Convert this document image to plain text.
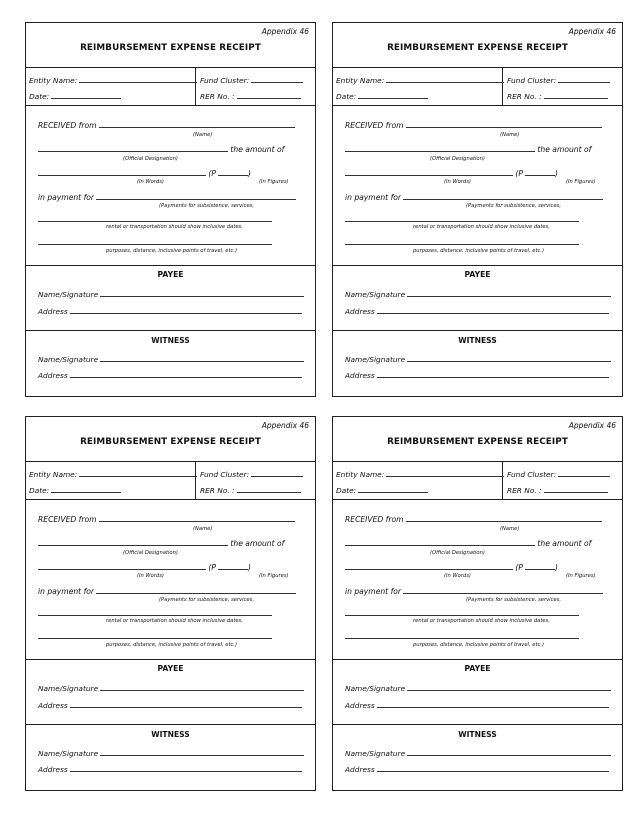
Appendix 46
REIMBURSEMENT EXPENSE RECEIPT
Entity Name:
Date:
Fund Cluster:
RER No. :
RECEIVED from
(Name)
the amount of
(Official Designation)
(P	)
(In Words)	(In Figures)
in payment for
(Payments for subsistence, services,
rental or transportation should show inclusive dates,
purposes, distance, inclusive points of travel, etc.)
PAYEE
Name/Signature
Address
WITNESS
Name/Signature
Address
Appendix 46
REIMBURSEMENT EXPENSE RECEIPT
Entity Name:
Date:
Fund Cluster:
RER No. :
RECEIVED from
(Name)
the amount of
(Official Designation)
(P	)
(In Words)	(In Figures)
in payment for
(Payments for subsistence, services,
rental or transportation should show inclusive dates,
purposes, distance, inclusive points of travel, etc.)
PAYEE
Name/Signature
Address
WITNESS
Name/Signature
Address
Appendix 46
REIMBURSEMENT EXPENSE RECEIPT
Entity Name:
Date:
Fund Cluster:
RER No. :
RECEIVED from
(Name)
the amount of
(Official Designation)
(P	)
(In Words)	(In Figures)
in payment for
(Payments for subsistence, services,
rental or transportation should show inclusive dates,
purposes, distance, inclusive points of travel, etc.)
PAYEE
Name/Signature
Address
WITNESS
Name/Signature
Address
Appendix 46
REIMBURSEMENT EXPENSE RECEIPT
Entity Name:
Date:
Fund Cluster:
RER No. :
RECEIVED from
(Name)
the amount of
(Official Designation)
(P	)
(In Words)	(In Figures)
in payment for
(Payments for subsistence, services,
rental or transportation should show inclusive dates,
purposes, distance, inclusive points of travel, etc.)
PAYEE
Name/Signature
Address
WITNESS
Name/Signature
Address
